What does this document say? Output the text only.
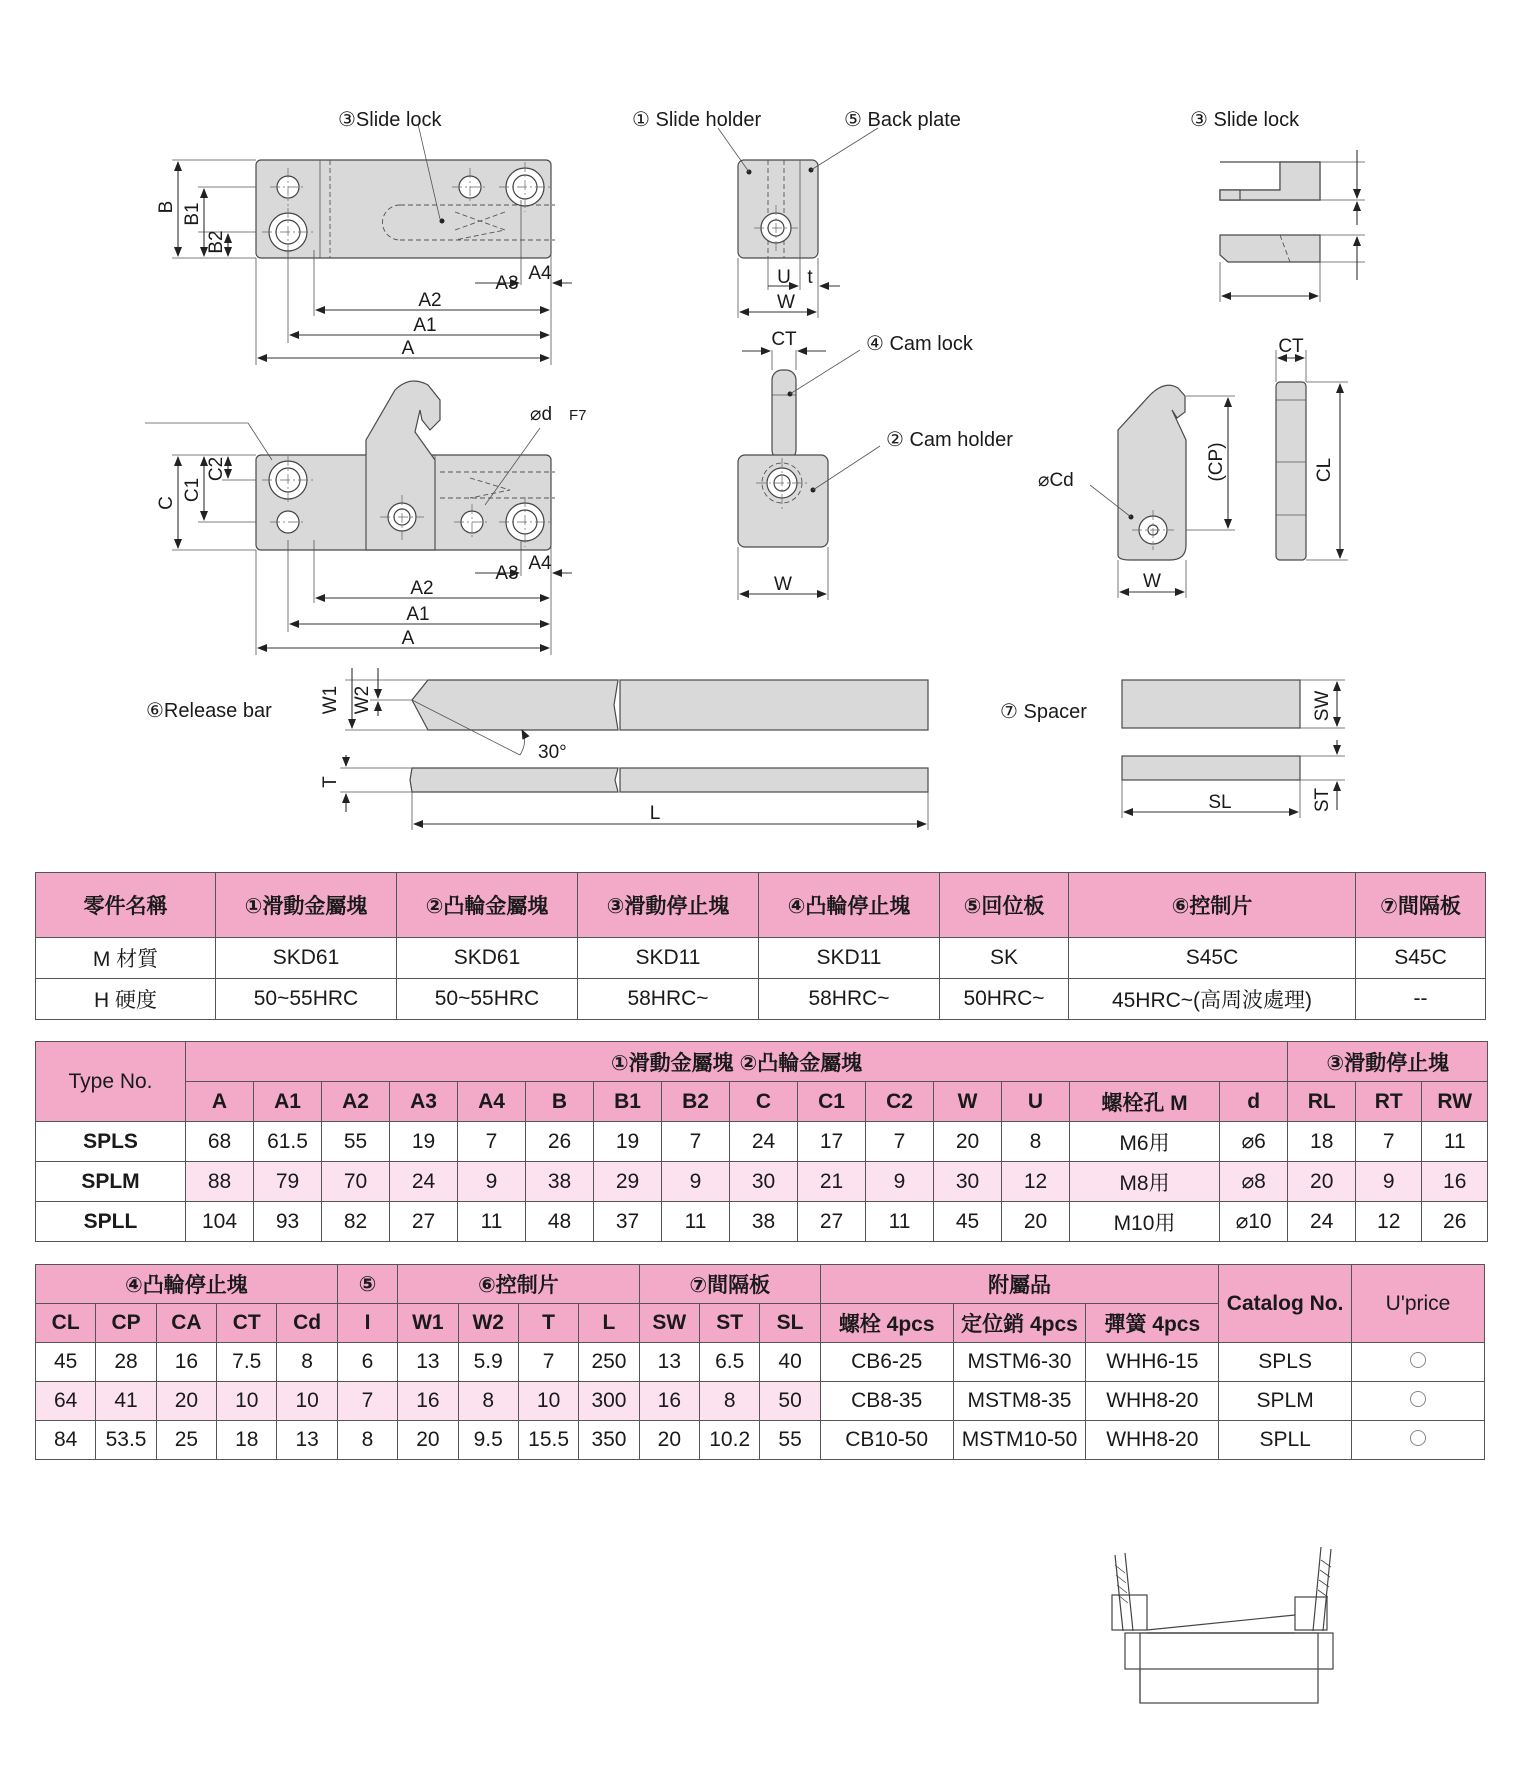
B B1
B2
A2
A1
A
A3 A4
③Slide lock
⌀d F7
C
C1
C2
A2
A1
A
A3 A4
U t
W
① Slide holder	⑤ Back plate
CT
W
④ Cam lock
② Cam holder
③ Slide lock
⌀Cd	(CP)
W
CT
CL
W1 W2
30°
T
L
⑥Release bar	SW
ST
SL
⑦ Spacer
零件名稱	①滑動金屬塊	②凸輪金屬塊	③滑動停止塊	④凸輪停止塊	⑤回位板	⑥控制片	⑦間隔板
M 材質	SKD61	SKD61	SKD11	SKD11	SK	S45C	S45C
H 硬度	50~55HRC	50~55HRC	58HRC~	58HRC~	50HRC~	45HRC~(高周波處理)	--
Type No.	①滑動金屬塊 ②凸輪金屬塊															③滑動停止塊		
	A	A1	A2	A3	A4	B	B1	B2	C	C1	C2	W	U	螺栓孔 M	d	RL	RT	RW
SPLS	68	61.5	55	19	7	26	19	7	24	17	7	20	8	M6用	⌀6	18	7	11
SPLM	88	79	70	24	9	38	29	9	30	21	9	30	12	M8用	⌀8	20	9	16
SPLL	104	93	82	27	11	48	37	11	38	27	11	45	20	M10用	⌀10	24	12	26
④凸輪停止塊					⑤	⑥控制片				⑦間隔板			附屬品			Catalog No.	U'price
CL	CP	CA	CT	Cd	I	W1	W2	T	L	SW	ST	SL	螺栓 4pcs	定位銷 4pcs	彈簧 4pcs		
45	28	16	7.5	8	6	13	5.9	7	250	13	6.5	40	CB6-25	MSTM6-30	WHH6-15	SPLS	
64	41	20	10	10	7	16	8	10	300	16	8	50	CB8-35	MSTM8-35	WHH8-20	SPLM	
84	53.5	25	18	13	8	20	9.5	15.5	350	20	10.2	55	CB10-50	MSTM10-50	WHH8-20	SPLL	
